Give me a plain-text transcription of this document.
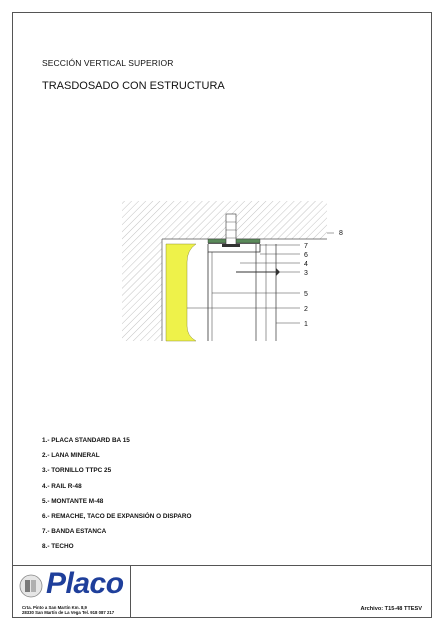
SECCIÓN VERTICAL SUPERIOR
TRASDOSADO CON ESTRUCTURA
8
7
6
4
3
5
2
1
1.- PLACA STANDARD BA 15
2.- LANA MINERAL
3.- TORNILLO TTPC 25
4.- RAIL R-48
5.- MONTANTE M-48
6.- REMACHE, TACO DE EXPANSIÓN O DISPARO
7.- BANDA ESTANCA
8.- TECHO
Placo
Crta. Pinto a San Martín Km. 8,9
28330 San Martín de La Vega Tel. 918 087 217
Archivo: T15-48 TTESV
